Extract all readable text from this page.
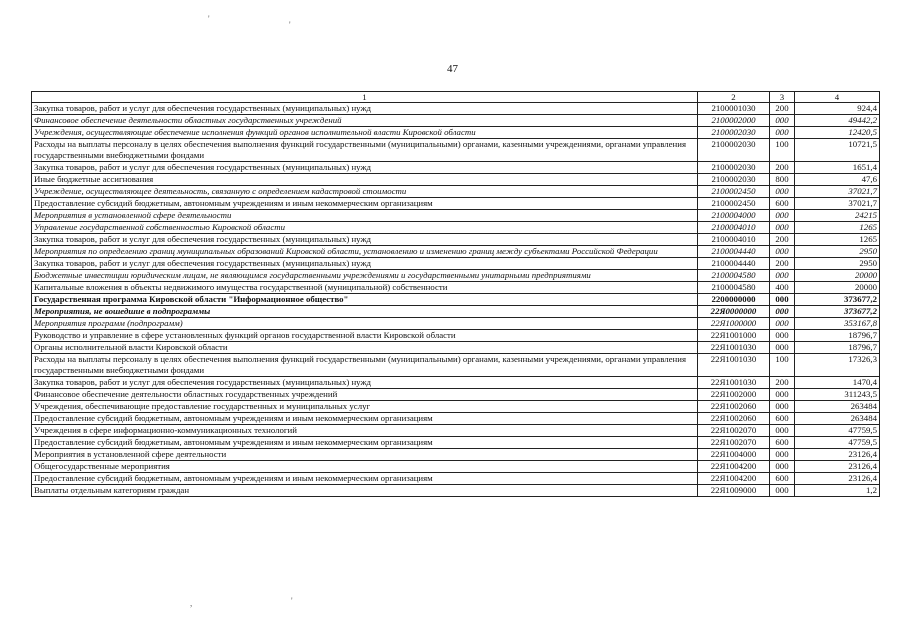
47
'
'
,	'
1	2	3	4
Закупка товаров, работ и услуг для обеспечения государственных (муниципальных) нужд	2100001030	200	924,4
Финансовое обеспечение деятельности областных государственных учреждений	2100002000	000	49442,2
Учреждения, осуществляющие обеспечение исполнения функций органов исполнительной власти Кировской области	2100002030	000	12420,5
Расходы на выплаты персоналу в целях обеспечения выполнения функций государственными (муниципальными) органами, казенными учреждениями, органами управления государственными внебюджетными фондами	2100002030	100	10721,5
Закупка товаров, работ и услуг для обеспечения государственных (муниципальных) нужд	2100002030	200	1651,4
Иные бюджетные ассигнования	2100002030	800	47,6
Учреждение, осуществляющее деятельность, связанную с определением кадастровой стоимости	2100002450	000	37021,7
Предоставление субсидий бюджетным, автономным учреждениям и иным некоммерческим организациям	2100002450	600	37021,7
Мероприятия в установленной сфере деятельности	2100004000	000	24215
Управление государственной собственностью Кировской области	2100004010	000	1265
Закупка товаров, работ и услуг для обеспечения государственных (муниципальных) нужд	2100004010	200	1265
Мероприятия по определению границ муниципальных образований Кировской области, установлению и изменению границ между субъектами Российской Федерации	2100004440	000	2950
Закупка товаров, работ и услуг для обеспечения государственных (муниципальных) нужд	2100004440	200	2950
Бюджетные инвестиции юридическим лицам, не являющимся государственными учреждениями и государственными унитарными предприятиями	2100004580	000	20000
Капитальные вложения в объекты недвижимого имущества государственной (муниципальной) собственности	2100004580	400	20000
Государственная программа Кировской области "Информационное общество"	2200000000	000	373677,2
Мероприятия, не вошедшие в подпрограммы	22Я0000000	000	373677,2
Мероприятия программ (подпрограмм)	22Я1000000	000	353167,8
Руководство и управление в сфере установленных функций органов государственной власти Кировской области	22Я1001000	000	18796,7
Органы исполнительной власти Кировской области	22Я1001030	000	18796,7
Расходы на выплаты персоналу в целях обеспечения выполнения функций государственными (муниципальными) органами, казенными учреждениями, органами управления государственными внебюджетными фондами	22Я1001030	100	17326,3
Закупка товаров, работ и услуг для обеспечения государственных (муниципальных) нужд	22Я1001030	200	1470,4
Финансовое обеспечение деятельности областных государственных учреждений	22Я1002000	000	311243,5
Учреждения, обеспечивающие предоставление государственных и муниципальных услуг	22Я1002060	000	263484
Предоставление субсидий бюджетным, автономным учреждениям и иным некоммерческим организациям	22Я1002060	600	263484
Учреждения в сфере информационно-коммуникационных технологий	22Я1002070	000	47759,5
Предоставление субсидий бюджетным, автономным учреждениям и иным некоммерческим организациям	22Я1002070	600	47759,5
Мероприятия в установленной сфере деятельности	22Я1004000	000	23126,4
Общегосударственные мероприятия	22Я1004200	000	23126,4
Предоставление субсидий бюджетным, автономным учреждениям и иным некоммерческим организациям	22Я1004200	600	23126,4
Выплаты отдельным категориям граждан	22Я1009000	000	1,2
